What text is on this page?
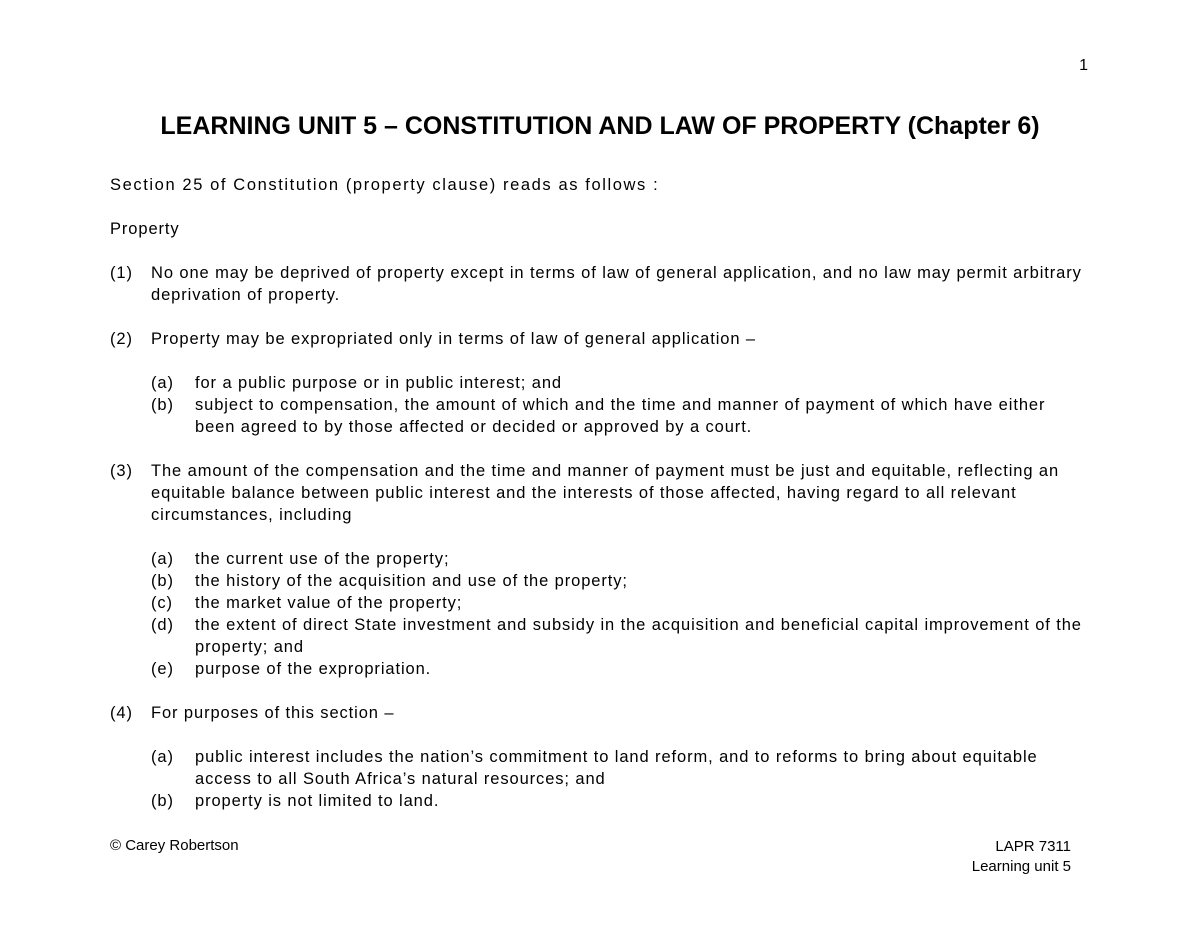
1
LEARNING UNIT 5 – CONSTITUTION AND LAW OF PROPERTY (Chapter 6)

Section 25 of Constitution (property clause) reads as follows :

Property

(1)	No one may be deprived of property except in terms of law of general application, and no law may permit arbitrary deprivation of property.
(2)	Property may be expropriated only in terms of law of general application –
(a)	for a public purpose or in public interest; and
(b)	subject to compensation, the amount of which and the time and manner of payment of which have either been agreed to by those affected or decided or approved by a court.
(3)	The amount of the compensation and the time and manner of payment must be just and equitable, reflecting an equitable balance between public interest and the interests of those affected, having regard to all relevant circumstances, including
(a)	the current use of the property;
(b)	the history of the acquisition and use of the property;
(c)	the market value of the property;
(d)	the extent of direct State investment and subsidy in the acquisition and beneficial capital improvement of the property; and
(e)	purpose of the expropriation.
(4)	For purposes of this section –
(a)	public interest includes the nation’s commitment to land reform, and to reforms to bring about equitable access to all South Africa’s natural resources; and
(b)	property is not limited to land.
© Carey Robertson	LAPR 7311
Learning unit 5
